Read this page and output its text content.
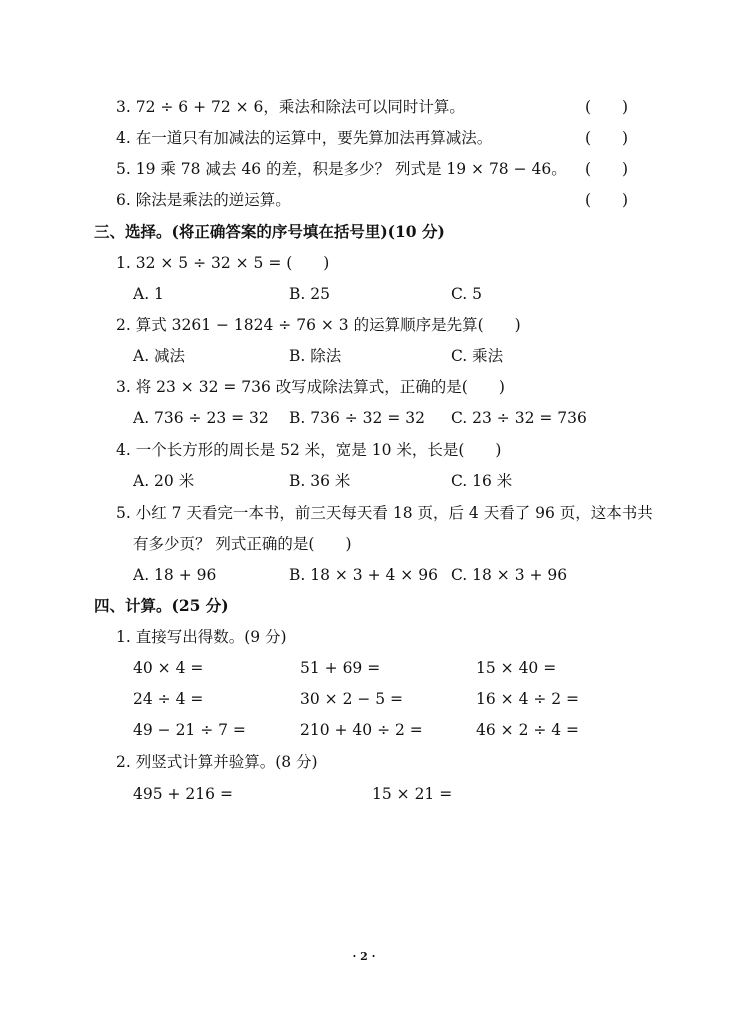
3. 72 ÷ 6 + 72 × 6，乘法和除法可以同时计算。	(　　)
4. 在一道只有加减法的运算中，要先算加法再算减法。	(　　)
5. 19 乘 78 减去 46 的差，积是多少？ 列式是 19 × 78 − 46。 (　　)
6. 除法是乘法的逆运算。	(　　)
三、选择。(将正确答案的序号填在括号里)(10 分)
1. 32 × 5 ÷ 32 × 5 = (　　)
A. 1	B. 25	C. 5
2. 算式 3261 − 1824 ÷ 76 × 3 的运算顺序是先算(　　)
A. 减法	B. 除法	C. 乘法
3. 将 23 × 32 = 736 改写成除法算式，正确的是(　　)
A. 736 ÷ 23 = 32 B. 736 ÷ 32 = 32 C. 23 ÷ 32 = 736
4. 一个长方形的周长是 52 米，宽是 10 米，长是(　　)
A. 20 米	B. 36 米	C. 16 米
5. 小红 7 天看完一本书，前三天每天看 18 页，后 4 天看了 96 页，这本书共
有多少页？ 列式正确的是(　　)
A. 18 + 96	B. 18 × 3 + 4 × 96 C. 18 × 3 + 96
四、计算。(25 分)
1. 直接写出得数。(9 分)
40 × 4 =	51 + 69 =	15 × 40 =
24 ÷ 4 =	30 × 2 − 5 =	16 × 4 ÷ 2 =
49 − 21 ÷ 7 =	210 + 40 ÷ 2 =	46 × 2 ÷ 4 =
2. 列竖式计算并验算。(8 分)
495 + 216 =	15 × 21 =
· 2 ·
